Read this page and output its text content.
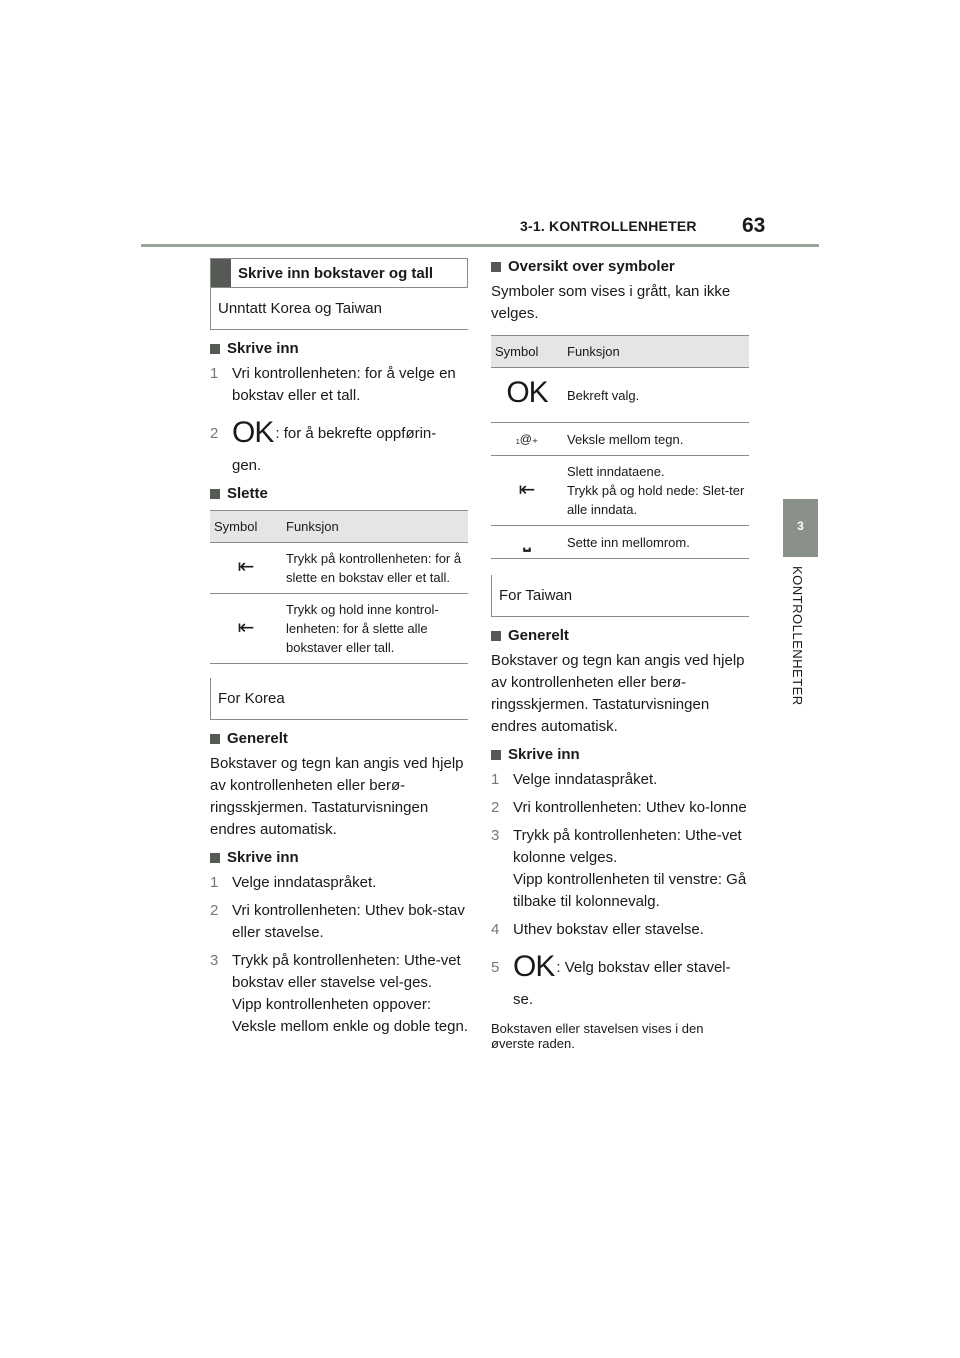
3-1. KONTROLLENHETER 63
3
KONTROLLENHETER
Skrive inn bokstaver og tall
Unntatt Korea og Taiwan
Skrive inn
1 Vri kontrollenheten: for å velge en bokstav eller et tall.
2 OK : for å bekrefte oppførin-
gen.
Slette
Symbol	Funksjon
⇤	Trykk på kontrollenheten: for å slette en bokstav eller et tall.
⇤	Trykk og hold inne kontrol-lenheten: for å slette alle bokstaver eller tall.
For Korea
Generelt

Bokstaver og tegn kan angis ved hjelp av kontrollenheten eller berø-ringsskjermen. Tastaturvisningen endres automatisk.

Skrive inn
1 Velge inndataspråket.
2 Vri kontrollenheten: Uthev bok-stav eller stavelse.
3 Trykk på kontrollenheten: Uthe-vet bokstav eller stavelse vel-ges.
Vipp kontrollenheten oppover: Veksle mellom enkle og doble tegn.
Oversikt over symboler

Symboler som vises i grått, kan ikke velges.

Symbol	Funksjon
OK	Bekreft valg.
₁@₊	Veksle mellom tegn.
⇤	Slett inndataene.
Trykk på og hold nede: Slet-ter alle inndata.
⎵	Sette inn mellomrom.
For Taiwan
Generelt

Bokstaver og tegn kan angis ved hjelp av kontrollenheten eller berø-ringsskjermen. Tastaturvisningen endres automatisk.

Skrive inn
1 Velge inndataspråket.
2 Vri kontrollenheten: Uthev ko-lonne
3 Trykk på kontrollenheten: Uthe-vet kolonne velges.
Vipp kontrollenheten til venstre: Gå tilbake til kolonnevalg.
4 Uthev bokstav eller stavelse.
5 OK : Velg bokstav eller stavel-
se.
Bokstaven eller stavelsen vises i den øverste raden.
